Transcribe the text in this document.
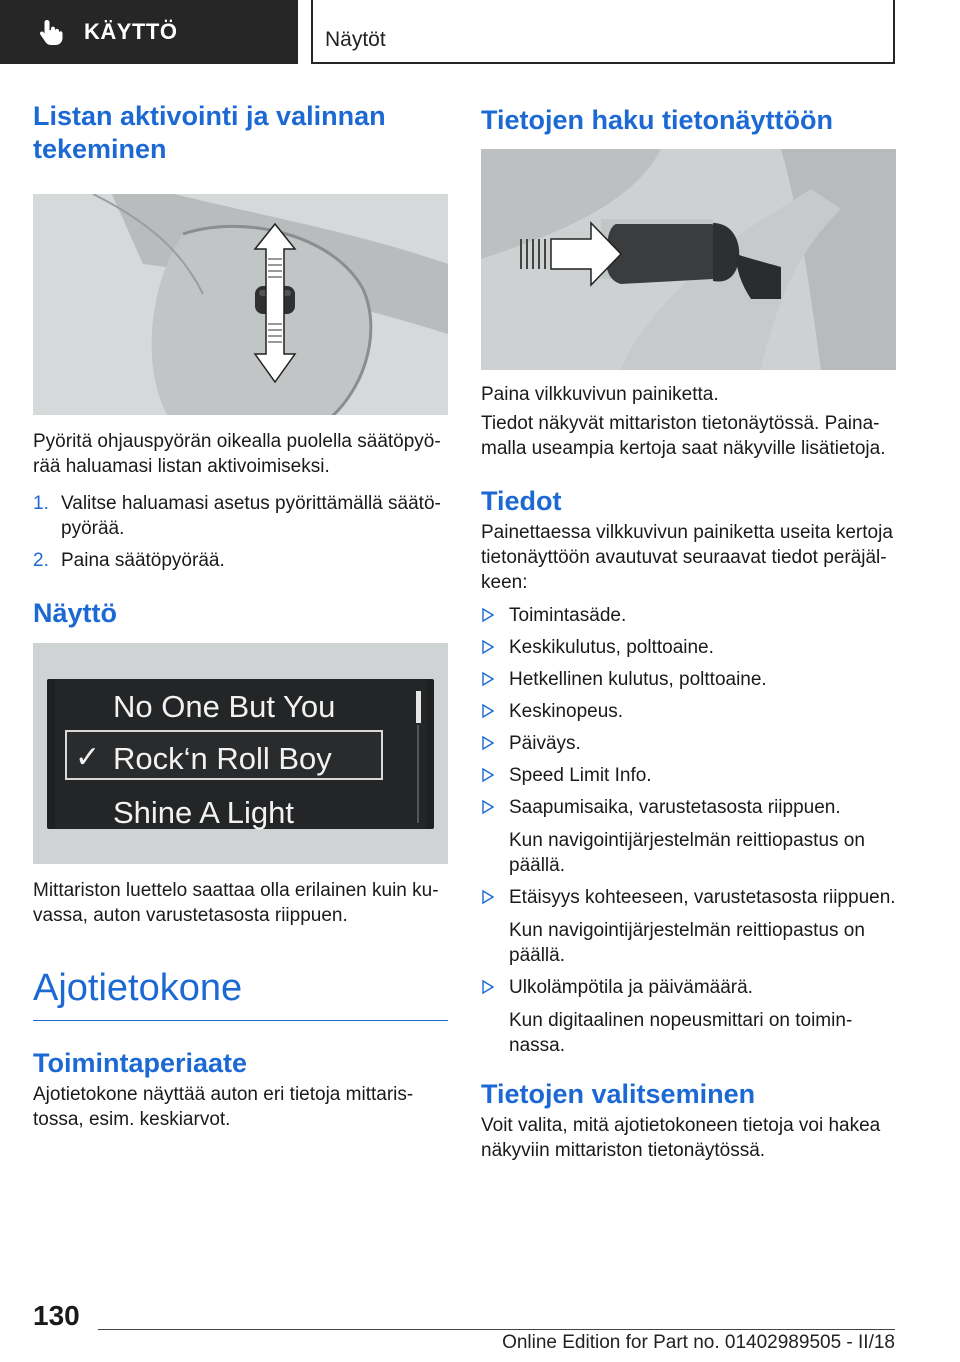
KÄYTTÖ	Näytöt
Listan aktivointi ja valinnan tekeminen

Pyöritä ohjauspyörän oikealla puolella säätöpyörää haluamasi listan aktivoimiseksi.

1. Valitse haluamasi asetus pyörittämällä säätöpyörää.
2. Paina säätöpyörää.
Näyttö
No One But You
✓ Rock‘n Roll Boy
Shine A Light

Mittariston luettelo saattaa olla erilainen kuin kuvassa, auton varustetasosta riippuen.

Ajotietokone
Toimintaperiaate

Ajotietokone näyttää auton eri tietoja mittaristossa, esim. keskiarvot.

Tietojen haku tietonäyttöön

Paina vilkkuvivun painiketta.

Tiedot näkyvät mittariston tietonäytössä. Painamalla useampia kertoja saat näkyville lisätietoja.

Tiedot

Painettaessa vilkkuvivun painiketta useita kertoja tietonäyttöön avautuvat seuraavat tiedot peräjälkeen:

Toimintasäde.
Keskikulutus, polttoaine.
Hetkellinen kulutus, polttoaine.
Keskinopeus.
Päiväys.
Speed Limit Info.
Saapumisaika, varustetasosta riippuen.
Kun navigointijärjestelmän reittiopastus on päällä.
Etäisyys kohteeseen, varustetasosta riippuen.
Kun navigointijärjestelmän reittiopastus on päällä.
Ulkolämpötila ja päivämäärä.
Kun digitaalinen nopeusmittari on toiminnassa.
Tietojen valitseminen

Voit valita, mitä ajotietokoneen tietoja voi hakea näkyviin mittariston tietonäytössä.

130
Online Edition for Part no. 01402989505 - II/18
